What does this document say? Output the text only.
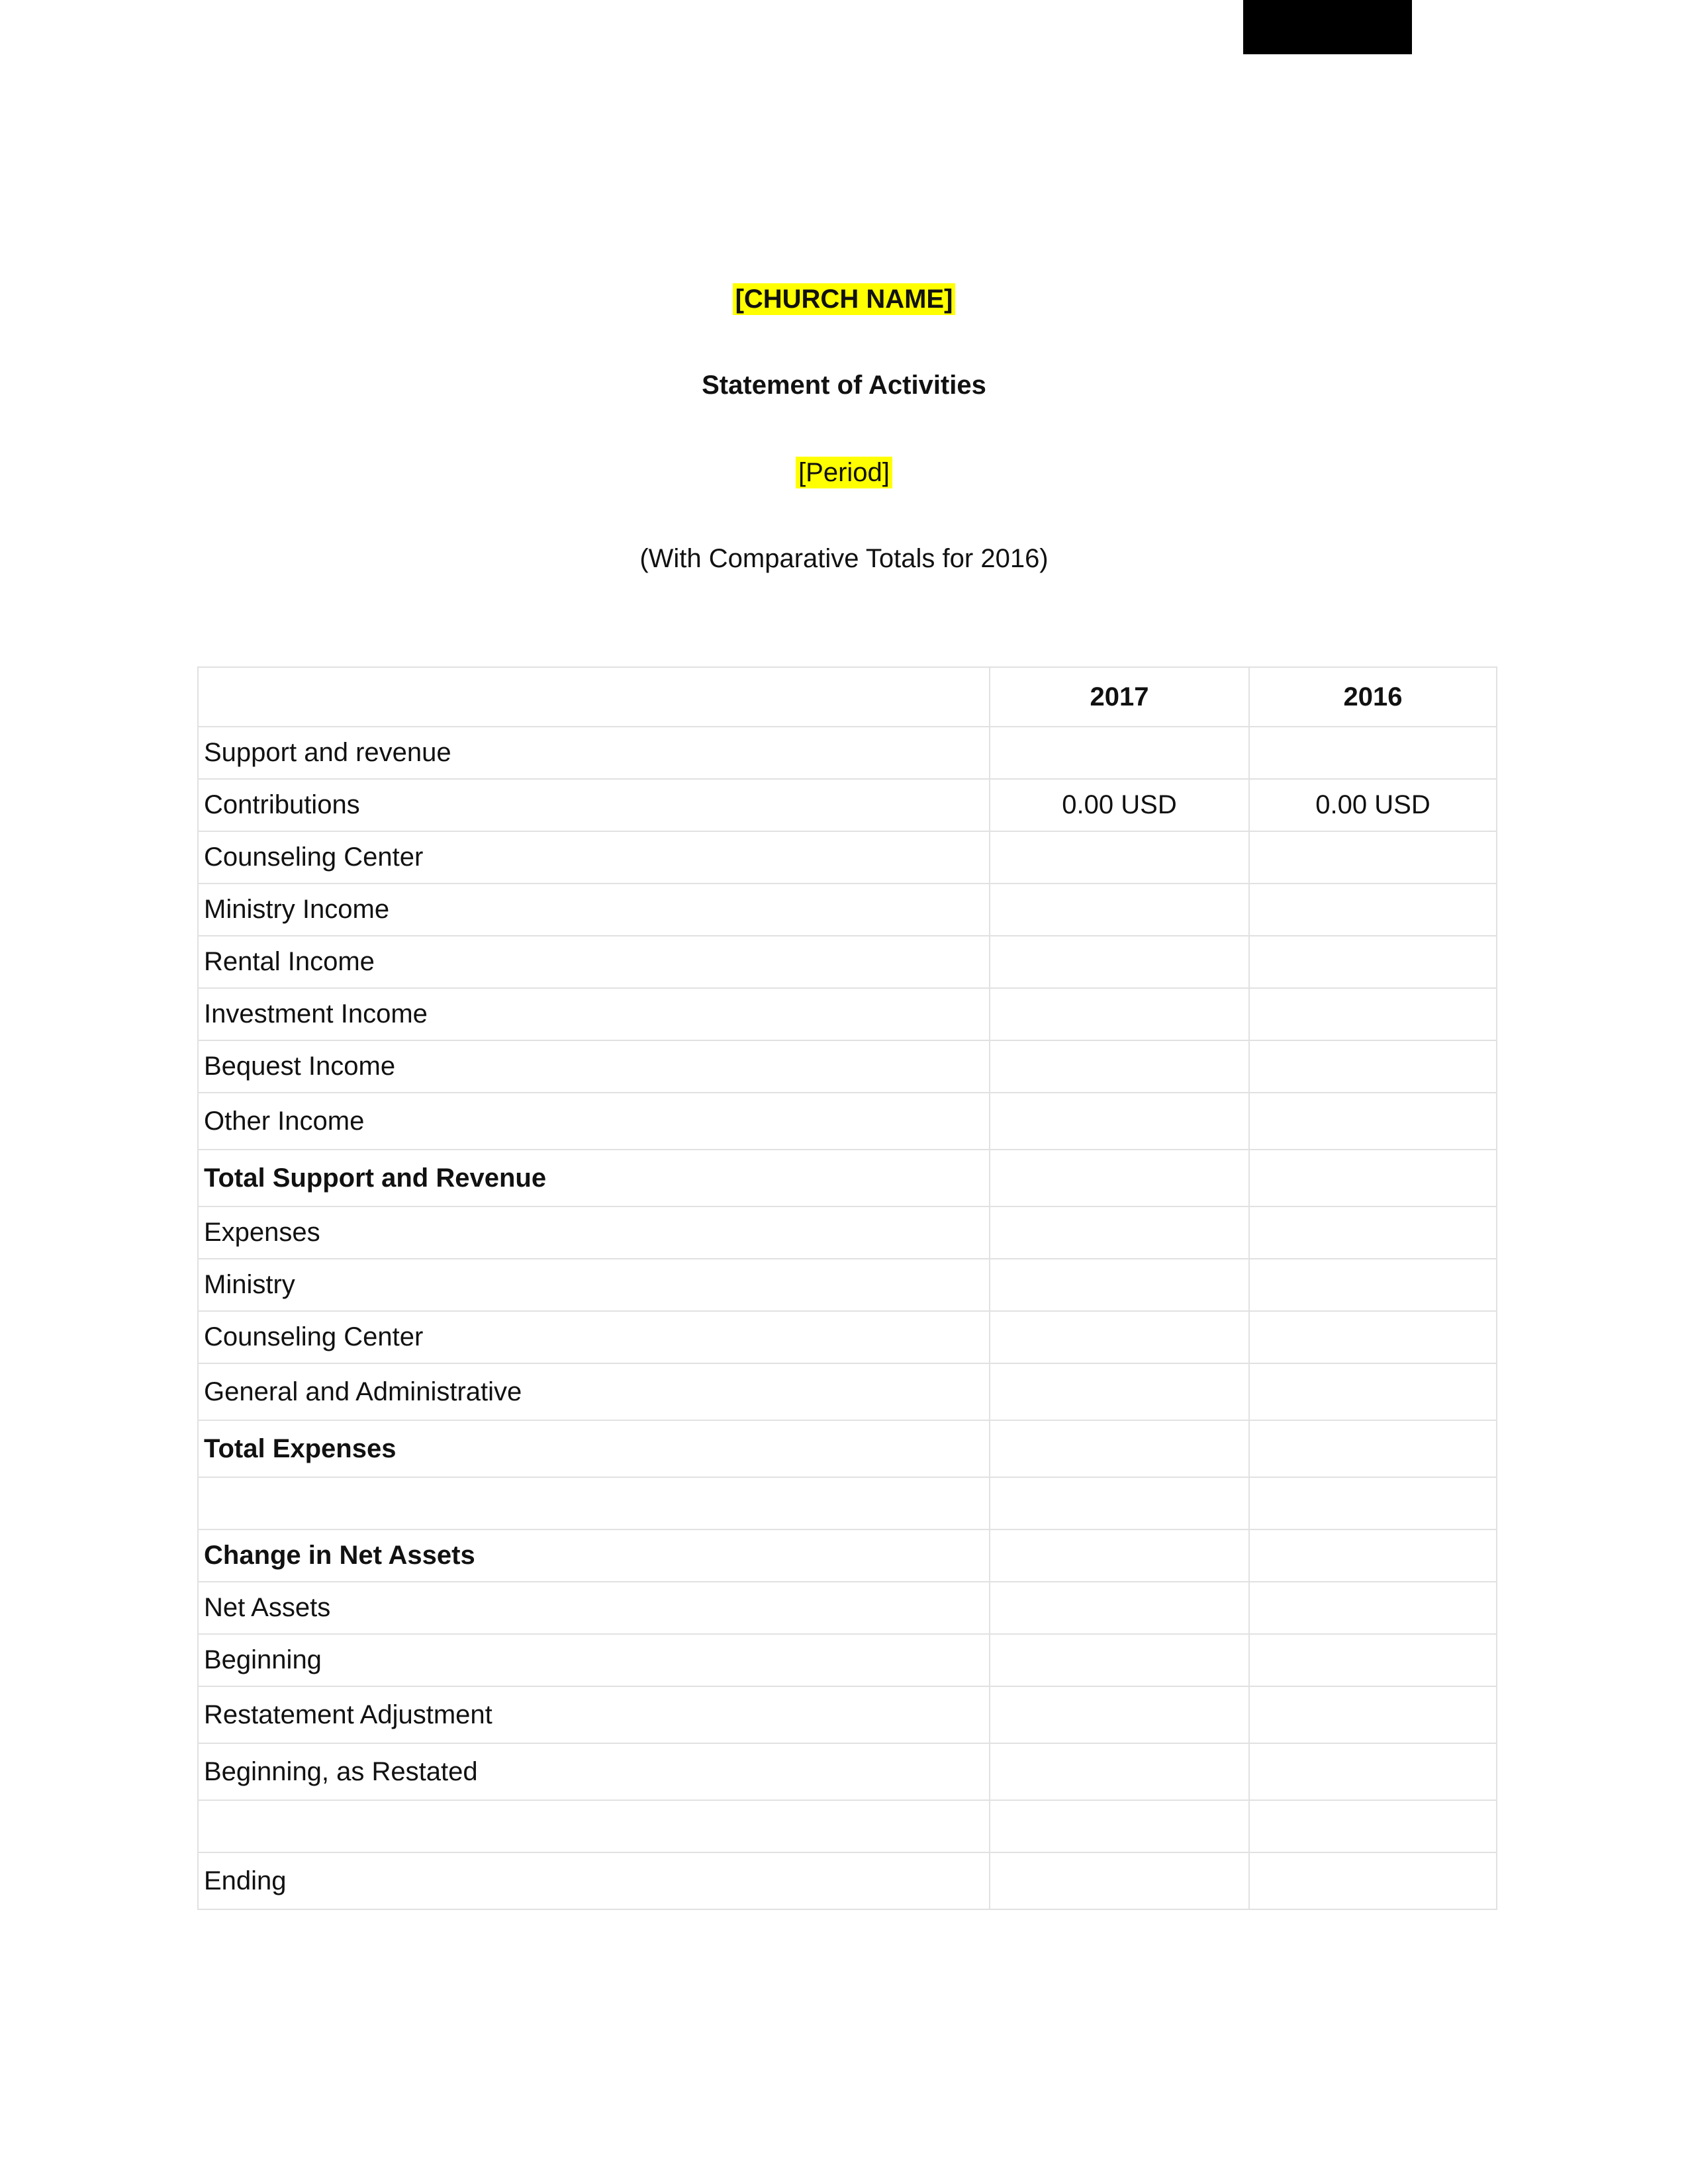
[CHURCH NAME]
Statement of Activities
[Period]
(With Comparative Totals for 2016)
	2017	2016
Support and revenue		
Contributions	0.00 USD	0.00 USD
Counseling Center		
Ministry Income		
Rental Income		
Investment Income		
Bequest Income		
Other Income		
Total Support and Revenue		
Expenses		
Ministry		
Counseling Center		
General and Administrative		
Total Expenses		

Change in Net Assets		
Net Assets		
Beginning		
Restatement Adjustment		
Beginning, as Restated		

Ending		
